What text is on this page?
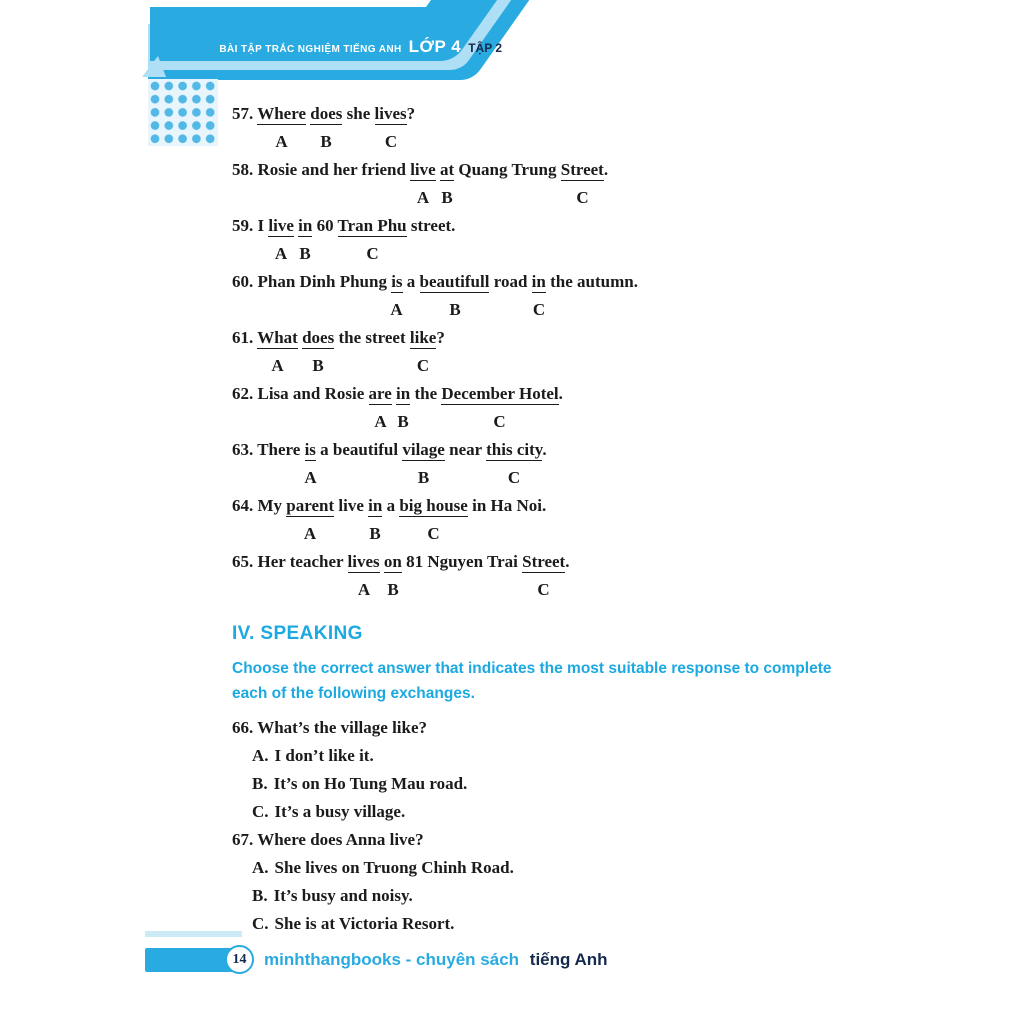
BÀI TẬP TRẮC NGHIỆM TIẾNG ANH LỚP 4 TẬP 2
57. Where does she lives?
A B	C
58. Rosie and her friend live at Quang Trung Street.
A B	C
59. I live in 60 Tran Phu street.
A B	C
60. Phan Dinh Phung is a beautifull road in the autumn.
A	B	C
61. What does the street like?
A B	C
62. Lisa and Rosie are in the December Hotel.
A B	C
63. There is a beautiful vilage near this city.
A	B	C
64. My parent live in a big house in Ha Noi.
A	B	C
65. Her teacher lives on 81 Nguyen Trai Street.
A B	C
IV. SPEAKING
Choose the correct answer that indicates the most suitable response to complete
each of the following exchanges.
66. What’s the village like?
A. I don’t like it.
B. It’s on Ho Tung Mau road.
C. It’s a busy village.
67. Where does Anna live?
A. She lives on Truong Chinh Road.
B. It’s busy and noisy.
C. She is at Victoria Resort.
14 minhthangbooks - chuyên sách tiếng Anh
